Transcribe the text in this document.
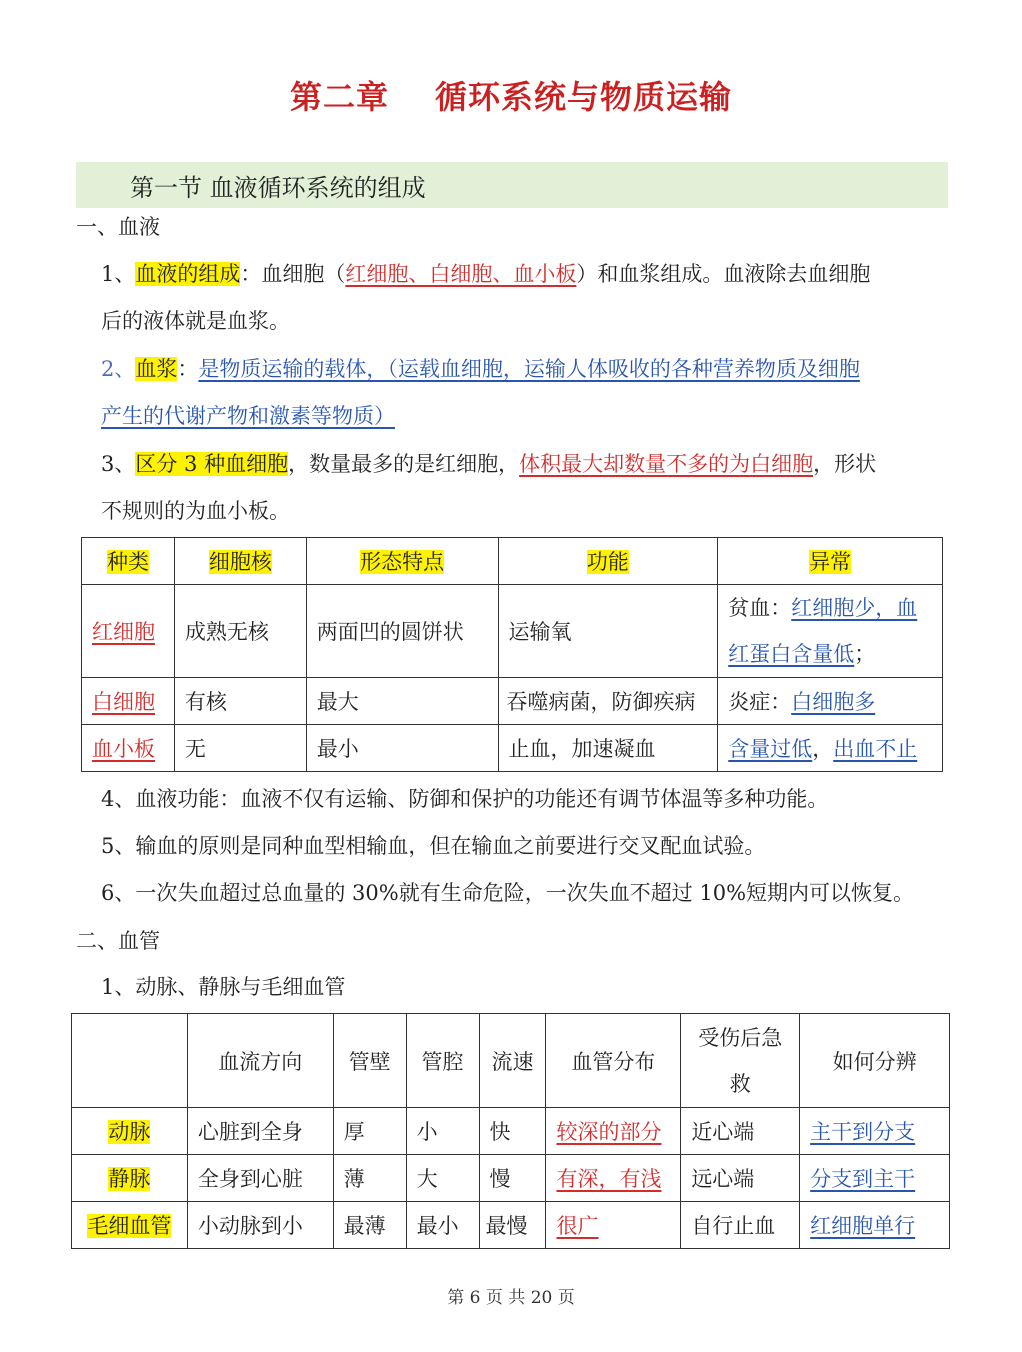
第二章 循环系统与物质运输
第一节 血液循环系统的组成
一、血液
1、血液的组成：血细胞（红细胞、白细胞、血小板）和血浆组成。血液除去血细胞
后的液体就是血浆。
2、血浆：是物质运输的载体，（运载血细胞，运输人体吸收的各种营养物质及细胞
产生的代谢产物和激素等物质）
3、区分 3 种血细胞，数量最多的是红细胞，体积最大却数量不多的为白细胞，形状
不规则的为血小板。
种类	细胞核	形态特点	功能	异常
红细胞	成熟无核	两面凹的圆饼状	运输氧	贫血：红细胞少，血
红蛋白含量低；
白细胞	有核	最大	吞噬病菌，防御疾病	炎症：白细胞多
血小板	无	最小	止血，加速凝血	含量过低，出血不止
4、血液功能：血液不仅有运输、防御和保护的功能还有调节体温等多种功能。
5、输血的原则是同种血型相输血，但在输血之前要进行交叉配血试验。
6、一次失血超过总血量的 30%就有生命危险，一次失血不超过 10%短期内可以恢复。
二、血管
1、动脉、静脉与毛细血管
	血流方向	管壁	管腔	流速	血管分布	受伤后急
救	如何分辨
动脉	心脏到全身	厚	小	快	较深的部分	近心端	主干到分支
静脉	全身到心脏	薄	大	慢	有深，有浅	远心端	分支到主干
毛细血管	小动脉到小	最薄	最小	最慢	很广	自行止血	红细胞单行
第 6 页 共 20 页
